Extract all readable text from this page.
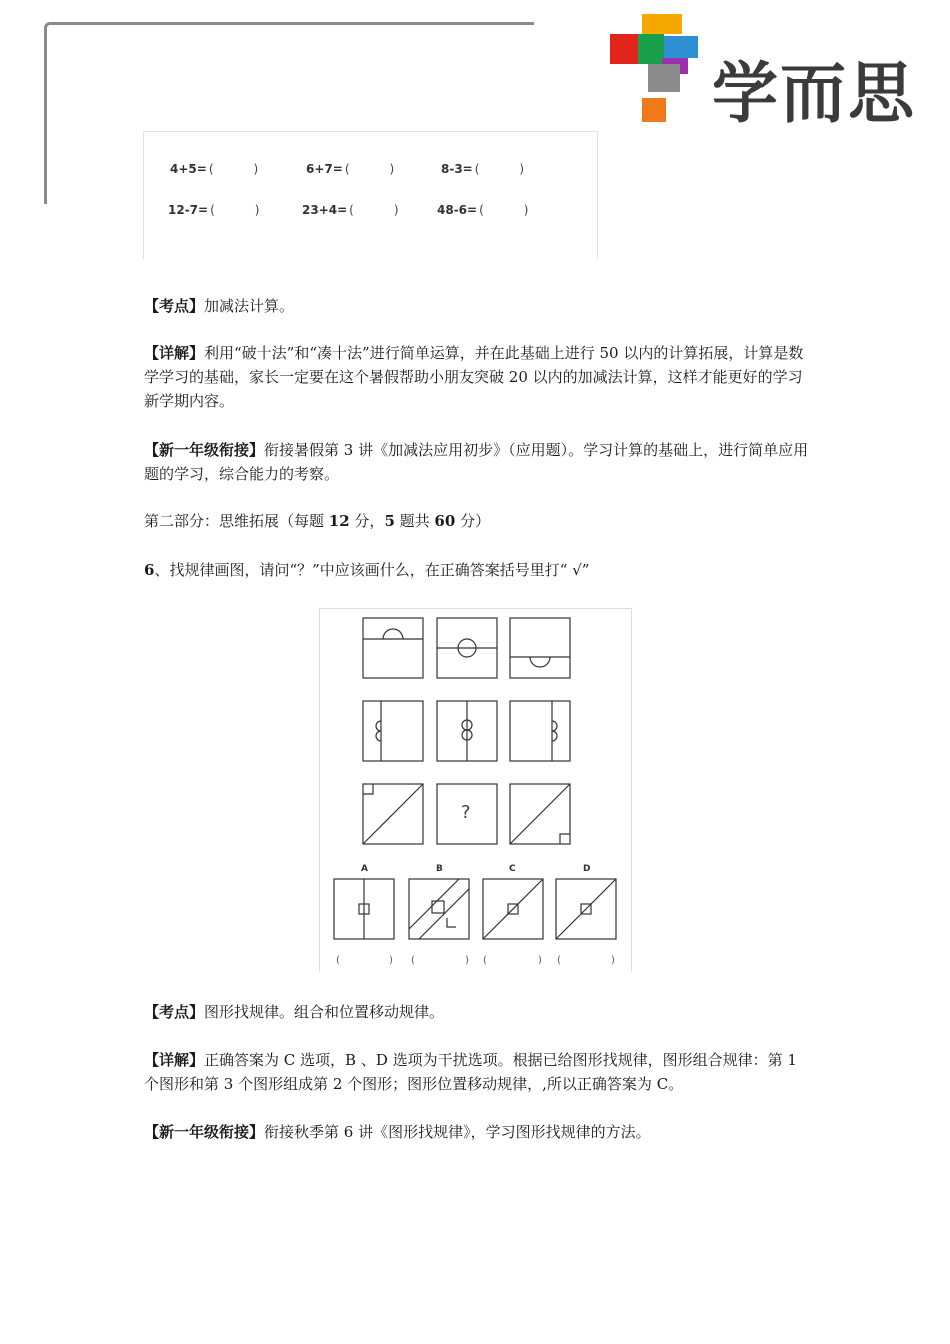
学而思
4+5= (	)	6+7= (	)	8-3= (	)
12-7= (	)	23+4= (	)	48-6= (	)

【考点】加减法计算。

【详解】利用“破十法”和“凑十法”进行简单运算，并在此基础上进行 50 以内的计算拓展，计算是数学学习的基础，家长一定要在这个暑假帮助小朋友突破 20 以内的加减法计算，这样才能更好的学习新学期内容。

【新一年级衔接】衔接暑假第 3 讲《加减法应用初步》（应用题）。学习计算的基础上，进行简单应用题的学习，综合能力的考察。

第二部分：思维拓展（每题 12 分，5 题共 60 分）

6、找规律画图，请问“？”中应该画什么，在正确答案括号里打“ √”

?
A	B	C	D
(	) (	) (	) (	)

【考点】图形找规律。组合和位置移动规律。

【详解】正确答案为 C 选项，B 、D 选项为干扰选项。根据已给图形找规律，图形组合规律：第 1 个图形和第 3 个图形组成第 2 个图形；图形位置移动规律，,所以正确答案为 C。

【新一年级衔接】衔接秋季第 6 讲《图形找规律》，学习图形找规律的方法。
